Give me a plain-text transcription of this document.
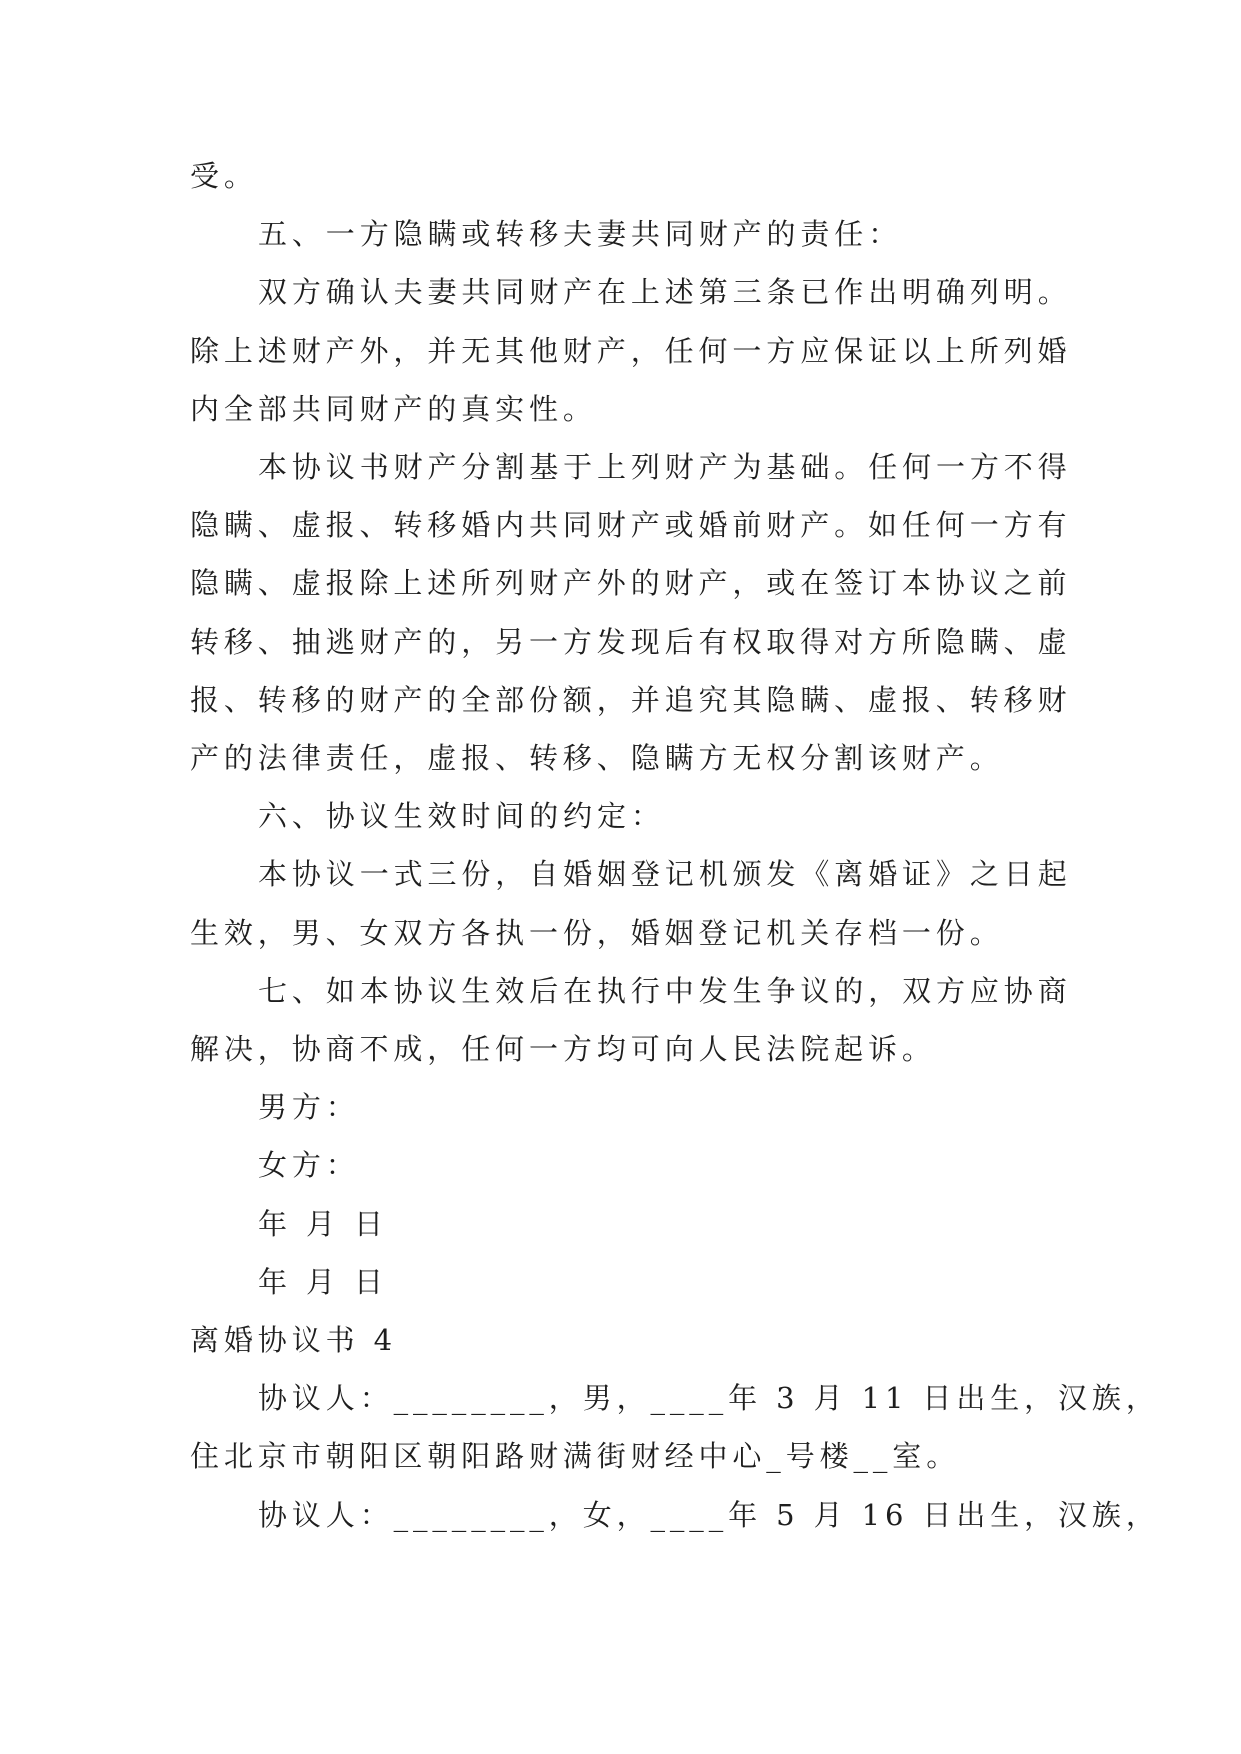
受。
五、一方隐瞒或转移夫妻共同财产的责任：
双方确认夫妻共同财产在上述第三条已作出明确列明。
除上述财产外，并无其他财产，任何一方应保证以上所列婚
内全部共同财产的真实性。
本协议书财产分割基于上列财产为基础。任何一方不得
隐瞒、虚报、转移婚内共同财产或婚前财产。如任何一方有
隐瞒、虚报除上述所列财产外的财产，或在签订本协议之前
转移、抽逃财产的，另一方发现后有权取得对方所隐瞒、虚
报、转移的财产的全部份额，并追究其隐瞒、虚报、转移财
产的法律责任，虚报、转移、隐瞒方无权分割该财产。
六、协议生效时间的约定：
本协议一式三份，自婚姻登记机颁发《离婚证》之日起
生效，男、女双方各执一份，婚姻登记机关存档一份。
七、如本协议生效后在执行中发生争议的，双方应协商
解决，协商不成，任何一方均可向人民法院起诉。
男方：
女方：
年 月 日
年 月 日
离婚协议书 4
协议人：________，男，____年 3 月 11 日出生，汉族，
住北京市朝阳区朝阳路财满街财经中心_号楼__室。
协议人：________，女，____年 5 月 16 日出生，汉族，
